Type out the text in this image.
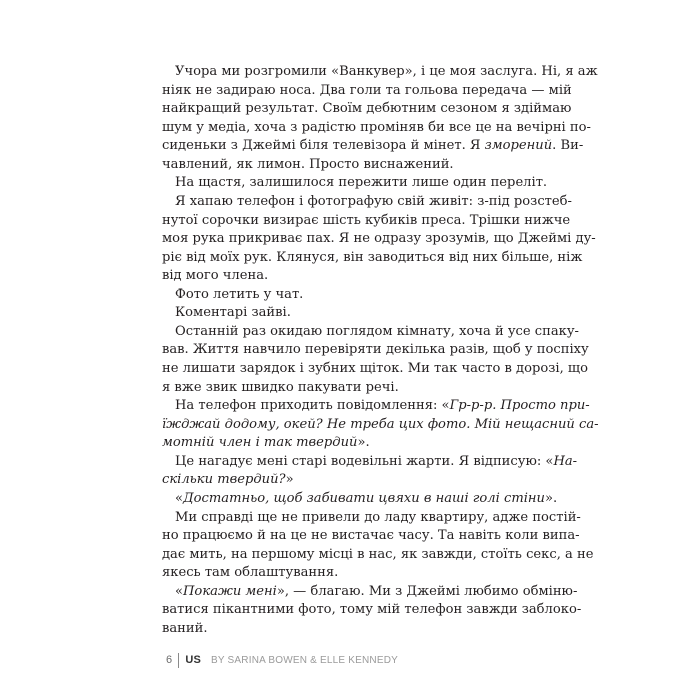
Учора ми розгромили «Ванкувер», і це моя заслуга. Ні, я аж
ніяк не задираю носа. Два голи та гольова передача — мій
найкращий результат. Своїм дебютним сезоном я здіймаю
шум у медіа, хоча з радістю проміняв би все це на вечірні по-
сиденьки з Джеймі біля телевізора й мінет. Я зморений. Ви-
чавлений, як лимон. Просто виснажений.
На щастя, залишилося пережити лише один переліт.
Я хапаю телефон і фотографую свій живіт: з-під розстеб-
нутої сорочки визирає шість кубиків преса. Трішки нижче
моя рука прикриває пах. Я не одразу зрозумів, що Джеймі ду-
ріє від моїх рук. Клянуся, він заводиться від них більше, ніж
від мого члена.
Фото летить у чат.
Коментарі зайві.
Останній раз окидаю поглядом кімнату, хоча й усе спаку-
вав. Життя навчило перевіряти декілька разів, щоб у поспіху
не лишати зарядок і зубних щіток. Ми так часто в дорозі, що
я вже звик швидко пакувати речі.
На телефон приходить повідомлення: «Гр-р-р. Просто при-
їжджай додому, окей? Не треба цих фото. Мій нещасний са-
мотній член і так твердий».
Це нагадує мені старі водевільні жарти. Я відписую: «На-
скільки твердий?»
«Достатньо, щоб забивати цвяхи в наші голі стіни».
Ми справді ще не привели до ладу квартиру, адже постій-
но працюємо й на це не вистачає часу. Та навіть коли випа-
дає мить, на першому місці в нас, як завжди, стоїть секс, а не
якесь там облаштування.
«Покажи мені», — благаю. Ми з Джеймі любимо обміню-
ватися пікантними фото, тому мій телефон завжди заблоко-
ваний.
6 US BY SARINA BOWEN & ELLE KENNEDY
